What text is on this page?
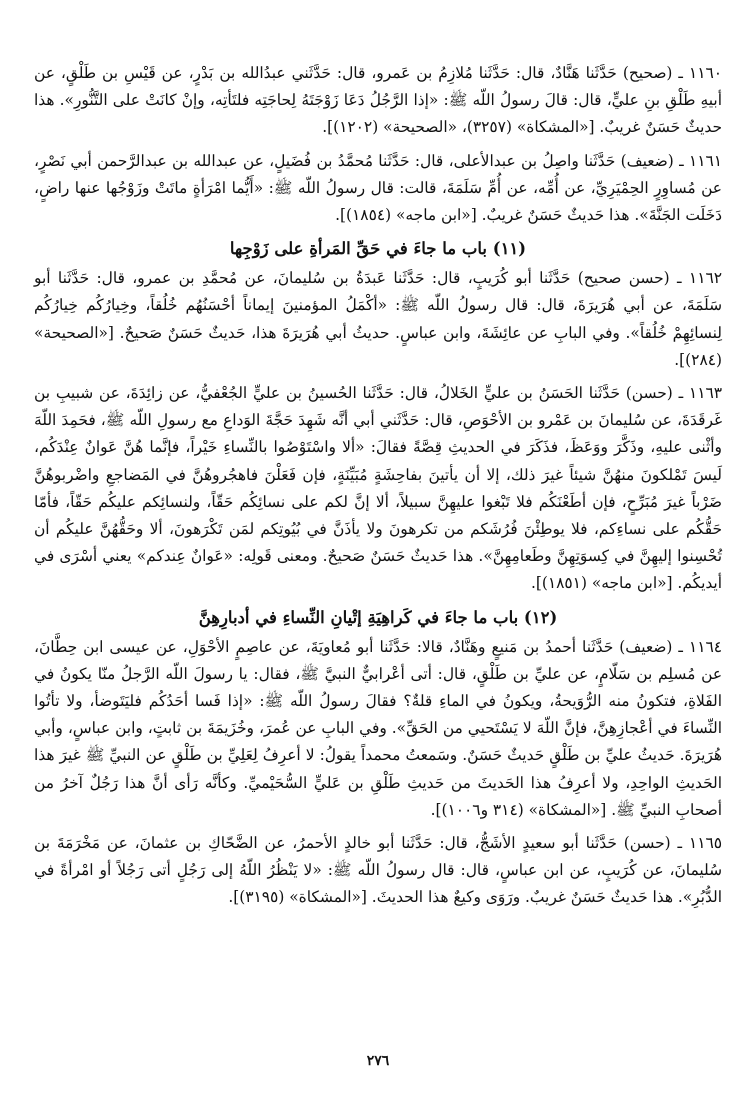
١١٦٠ ـ (صحيح) حَدَّثَنا هَنَّادٌ، قال: حَدَّثَنا مُلازِمُ بن عَمرو، قال: حَدَّثَني عبدُالله بن بَدْرٍ، عن قَيْسِ بن طَلْقٍ، عن أبيهِ طَلْقِ بنِ عليٍّ، قال: قالَ رسولُ اللّه ﷺ: «إذا الرَّجُلُ دَعَا زَوْجَتَهُ لِحاجَتِه فلتَأتِه، وإنْ كانَتْ على التَّنُّورِ». هذا حديثٌ حَسَنٌ غريبٌ. [«المشكاة» (٣٢٥٧)، «الصحيحة» (١٢٠٢)].

١١٦١ ـ (ضعيف) حَدَّثَنا واصِلُ بن عبدالأعلى، قال: حَدَّثَنا مُحمَّدُ بن فُضَيلٍ، عن عبدالله بن عبدالرَّحمن أبي نَصْرٍ، عن مُساوِرٍ الحِمْيَرِيِّ، عن أُمِّه، عن أُمِّ سَلَمَةَ، قالت: قال رسولُ اللّه ﷺ: «أَيُّما امْرَأةٍ ماتَتْ وزَوْجُها عنها راضٍ، دَخَلَت الجَنَّةَ». هذا حَديثٌ حَسَنٌ غريبٌ. [«ابن ماجه» (١٨٥٤)].

(١١) باب ما جاءَ في حَقِّ المَرأةِ على زَوْجِها

١١٦٢ ـ (حسن صحيح) حَدَّثَنا أبو كُرَيبٍ، قال: حَدَّثَنا عَبدَةُ بن سُليمانَ، عن مُحمَّدِ بن عمرو، قال: حَدَّثَنا أبو سَلَمَةَ، عن أبي هُرَيرَةَ، قال: قال رسولُ اللّه ﷺ: «أكْمَلُ المؤمنينَ إيماناً أحْسَنُهُم خُلُقاً، وخِيارُكُم خِيارُكُم لِنسائِهِمْ خُلُقاً». وفي البابِ عن عائِشَةَ، وابن عباسٍ. حديثُ أبي هُرَيرَةَ هذا، حَديثٌ حَسَنٌ صَحيحٌ. [«الصحيحة» (٢٨٤)].

١١٦٣ ـ (حسن) حَدَّثَنا الحَسَنُ بن عليٍّ الخَلالُ، قال: حَدَّثَنا الحُسينُ بن عليٍّ الجُعْفيُّ، عن زائِدَةَ، عن شبيبِ بن غَرقَدَةَ، عن سُليمانَ بن عَمْرو بن الأحْوَصِ، قال: حَدَّثَني أبي أنَّه شَهِدَ حَجَّةَ الوَداعِ مع رسولِ اللّه ﷺ، فحَمِدَ اللّهَ وأثْنى عليهِ، وذَكَّرَ ووَعَظَ، فذَكَرَ في الحديثِ قِصَّةً فقالَ: «ألا واسْتَوْصُوا بالنِّساءِ خَيْراً، فإنَّما هُنَّ عَوانٌ عِنْدَكُم، لَيسَ تَمْلكونَ منهُنَّ شيئاً غيرَ ذلك، إلا أن يأتينَ بفاحِشَةٍ مُبَيِّنَةٍ، فإن فَعَلْنَ فاهجُروهُنَّ في المَضاجعِ واضْربوهُنَّ ضَرْباً غيرَ مُبَرِّحٍ، فإن أطَعْنَكُم فلا تَبْغوا عليهِنَّ سبيلاً، ألا إنَّ لكم على نسائِكُم حَقّاً، ولنسائِكم عليكُم حَقّاً، فأمّا حَقُّكُم على نساءِكم، فلا يوطِئْنَ فُرُشَكم من تكرهونَ ولا يأذَنَّ في بُيُوتِكم لمَن تَكْرَهونَ، ألا وحَقُّهُنَّ عليكُم أن تُحْسِنوا إليهِنَّ في كِسوَتِهِنَّ وطَعامِهِنَّ». هذا حَديثٌ حَسَنٌ صَحيحٌ. ومعنى قَولِه: «عَوانٌ عِندكم» يعني أسْرَى في أيديكُم. [«ابن ماجه» (١٨٥١)].

(١٢) باب ما جاءَ في كَراهِيَةِ إتْيانِ النِّساءِ في أدبارِهِنَّ

١١٦٤ ـ (ضعيف) حَدَّثَنا أحمدُ بن مَنيعٍ وهَنَّادٌ، قالا: حَدَّثَنا أبو مُعاويَةَ، عن عاصِمٍ الأحْوَلِ، عن عيسى ابن حِطَّانَ، عن مُسلِم بن سَلّامٍ، عن عليِّ بن طَلْقٍ، قال: أتى أعْرابيٌّ النبيَّ ﷺ، فقال: يا رسولَ اللّه الرَّجلُ منّا يكونُ في الفَلاةِ، فتكونُ منه الرُّوَيحةُ، ويكونُ في الماءِ قلةٌ؟ فقالَ رسولُ اللّه ﷺ: «إذا فَسا أحَدُكُم فليَتَوضأ، ولا تأتُوا النِّساءَ في أعْجازِهِنَّ، فإنَّ اللّهَ لا يَسْتَحيي من الحَقِّ». وفي البابِ عن عُمرَ، وخُزَيمَةَ بن ثابتٍ، وابن عباسٍ، وأبي هُرَيرَةَ. حَديثُ عليِّ بن طَلْقٍ حَديثٌ حَسَنٌ. وسَمعتُ محمداً يقولُ: لا أعرِفُ لِعَلِيِّ بن طَلْقٍ عن النبيِّ ﷺ غيرَ هذا الحَديثِ الواحِدِ، ولا أعرِفُ هذا الحَديثَ من حَديثِ طَلْقِ بن عَليٍّ السُّحَيْميِّ. وكأنَّه رَأى أنَّ هذا رَجُلٌ آخرُ من أصحابِ النبيِّ ﷺ. [«المشكاة» (٣١٤ و١٠٠٦)].

١١٦٥ ـ (حسن) حَدَّثَنا أبو سعيدٍ الأشَجُّ، قال: حَدَّثَنا أبو خالدٍ الأحمرُ، عن الضَّحّاكِ بن عثمانَ، عن مَخْرَمَةَ بن سُليمانَ، عن كُرَيبٍ، عن ابن عباسٍ، قال: قال رسولُ اللّه ﷺ: «لا يَنْظُرُ اللّهُ إلى رَجُلٍ أتى رَجُلاً أو امْرأةً في الدُّبُرِ». هذا حَديثٌ حَسَنٌ غريبٌ. ورَوَى وكيعٌ هذا الحديثَ. [«المشكاة» (٣١٩٥)].

٢٧٦
